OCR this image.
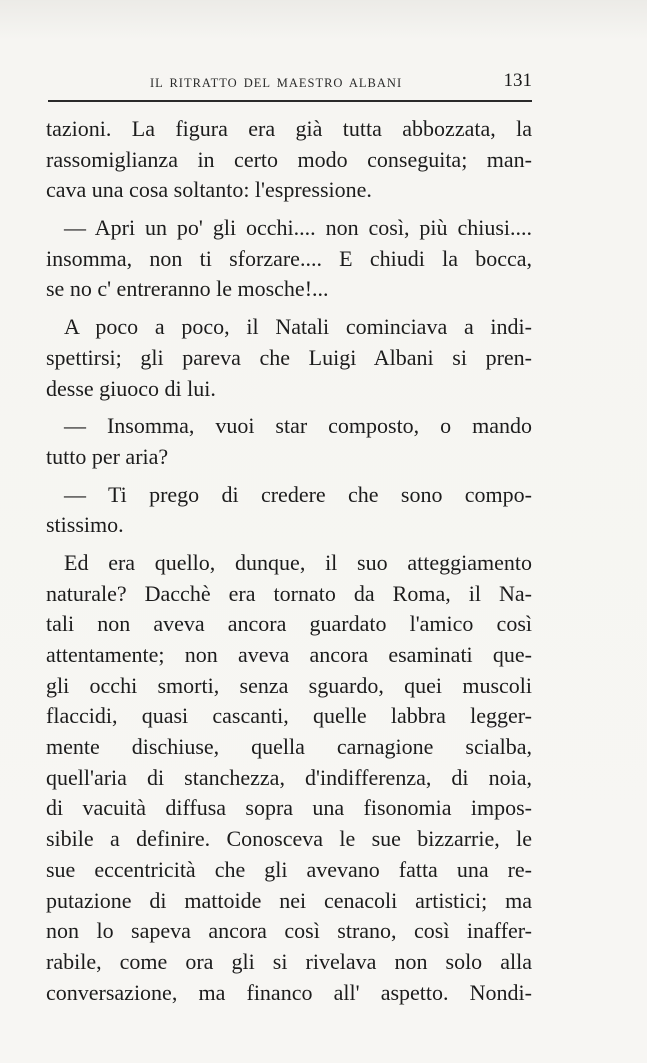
IL RITRATTO DEL MAESTRO ALBANI	131
tazioni. La figura era già tutta abbozzata, la
rassomiglianza in certo modo conseguita; man-
cava una cosa soltanto: l'espressione.
— Apri un po' gli occhi.... non così, più chiusi....
insomma, non ti sforzare.... E chiudi la bocca,
se no c' entreranno le mosche!...
A poco a poco, il Natali cominciava a indi-
spettirsi; gli pareva che Luigi Albani si pren-
desse giuoco di lui.
— Insomma, vuoi star composto, o mando
tutto per aria?
— Ti prego di credere che sono compo-
stissimo.
Ed era quello, dunque, il suo atteggiamento
naturale? Dacchè era tornato da Roma, il Na-
tali non aveva ancora guardato l'amico così
attentamente; non aveva ancora esaminati que-
gli occhi smorti, senza sguardo, quei muscoli
flaccidi, quasi cascanti, quelle labbra legger-
mente dischiuse, quella carnagione scialba,
quell'aria di stanchezza, d'indifferenza, di noia,
di vacuità diffusa sopra una fisonomia impos-
sibile a definire. Conosceva le sue bizzarrie, le
sue eccentricità che gli avevano fatta una re-
putazione di mattoide nei cenacoli artistici; ma
non lo sapeva ancora così strano, così inaffer-
rabile, come ora gli si rivelava non solo alla
conversazione, ma financo all' aspetto. Nondi-
